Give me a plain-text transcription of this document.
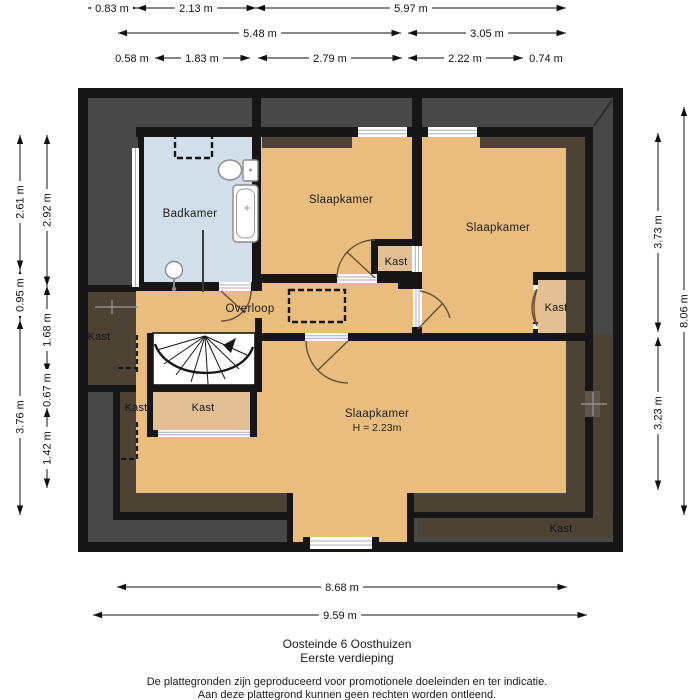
Badkamer
Slaapkamer
Slaapkamer
Overloop
Slaapkamer
H = 2.23m
Kast
Kast	Kast
Kast
Kast
Kast
0.83 m	2.13 m	5.97 m
5.48 m	3.05 m
0.58 m	1.83 m	2.79 m	2.22 m	0.74 m
8.68 m
9.59 m
2.61 m
0.95 m
3.76 m
2.92 m
1.68 m
0.67 m
1.42 m
3.73 m
3.23 m
8.06 m
Oosteinde 6 Oosthuizen
Eerste verdieping
De plattegronden zijn geproduceerd voor promotionele doeleinden en ter indicatie.
Aan deze plattegrond kunnen geen rechten worden ontleend.
